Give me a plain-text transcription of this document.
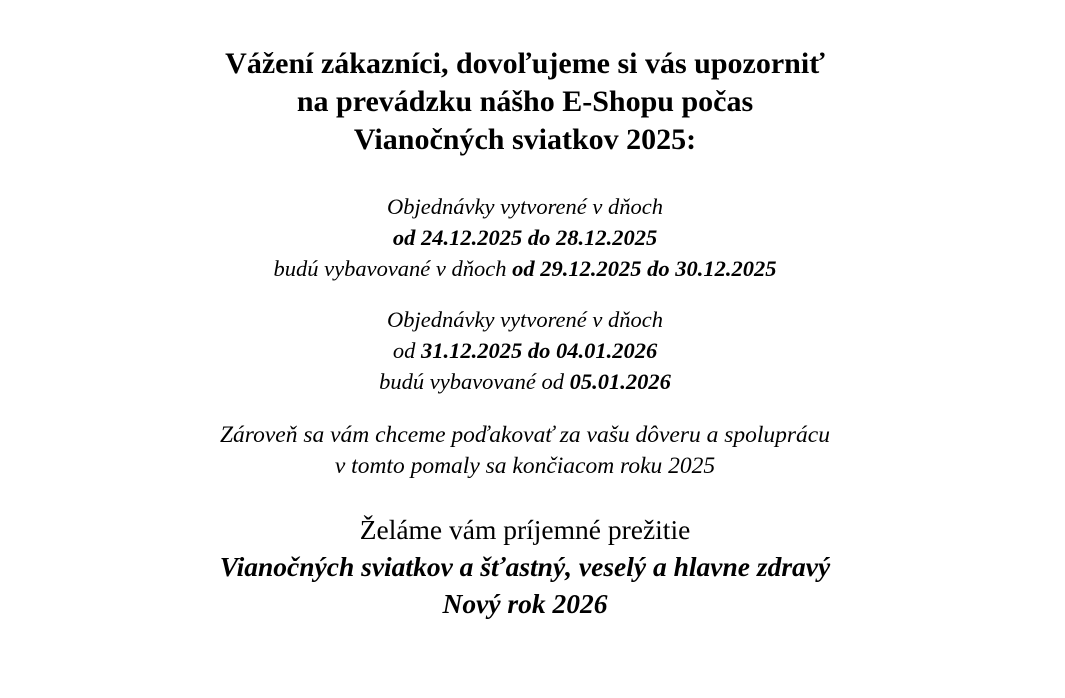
Vážení zákazníci, dovoľujeme si vás upozorniť
na prevádzku nášho E-Shopu počas
Vianočných sviatkov 2025:
Objednávky vytvorené v dňoch
od 24.12.2025 do 28.12.2025
budú vybavované v dňoch od 29.12.2025 do 30.12.2025
Objednávky vytvorené v dňoch
od 31.12.2025 do 04.01.2026
budú vybavované od 05.01.2026
Zároveň sa vám chceme poďakovať za vašu dôveru a spoluprácu
v tomto pomaly sa končiacom roku 2025
Želáme vám príjemné prežitie
Vianočných sviatkov a šťastný, veselý a hlavne zdravý
Nový rok 2026
